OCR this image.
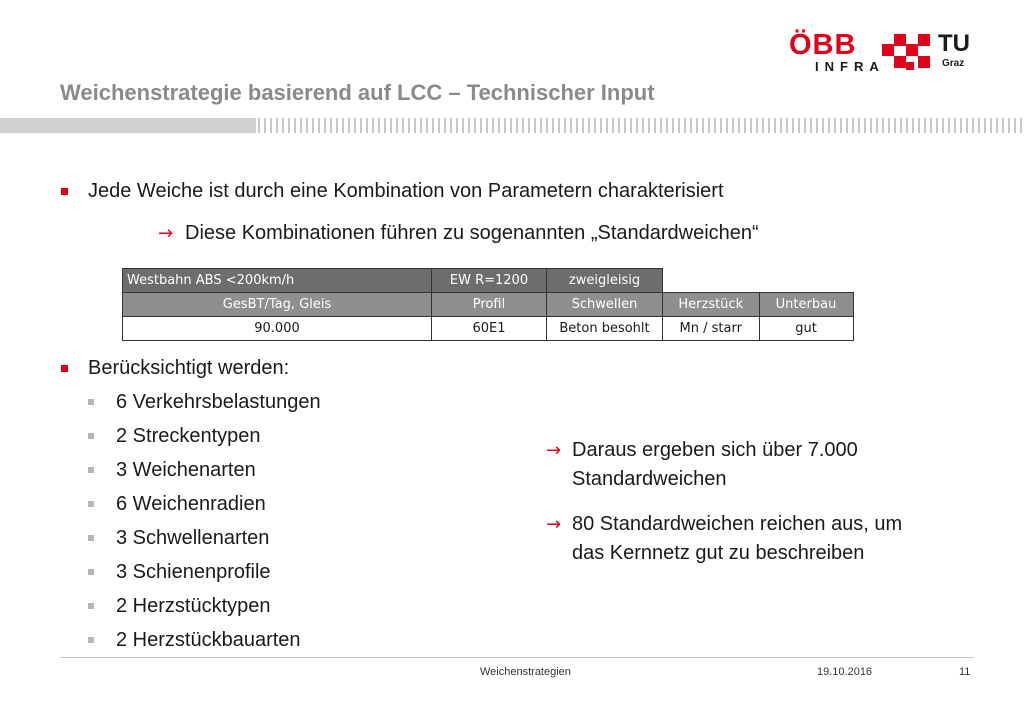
Weichenstrategie basierend auf LCC – Technischer Input
ÖBB
INFRA
TU
Graz
Jede Weiche ist durch eine Kombination von Parametern charakterisiert
→ Diese Kombinationen führen zu sogenannten „Standardweichen“
Westbahn ABS <200km/h	EW R=1200	zweigleisig		
GesBT/Tag, Gleis	Profil	Schwellen	Herzstück	Unterbau
90.000	60E1	Beton besohlt	Mn / starr	gut
Berücksichtigt werden:
6 Verkehrsbelastungen
2 Streckentypen
3 Weichenarten
6 Weichenradien
3 Schwellenarten
3 Schienenprofile
2 Herzstücktypen
2 Herzstückbauarten
→ Daraus ergeben sich über 7.000
Standardweichen
→ 80 Standardweichen reichen aus, um
das Kernnetz gut zu beschreiben
Weichenstrategien	19.10.2016	11
